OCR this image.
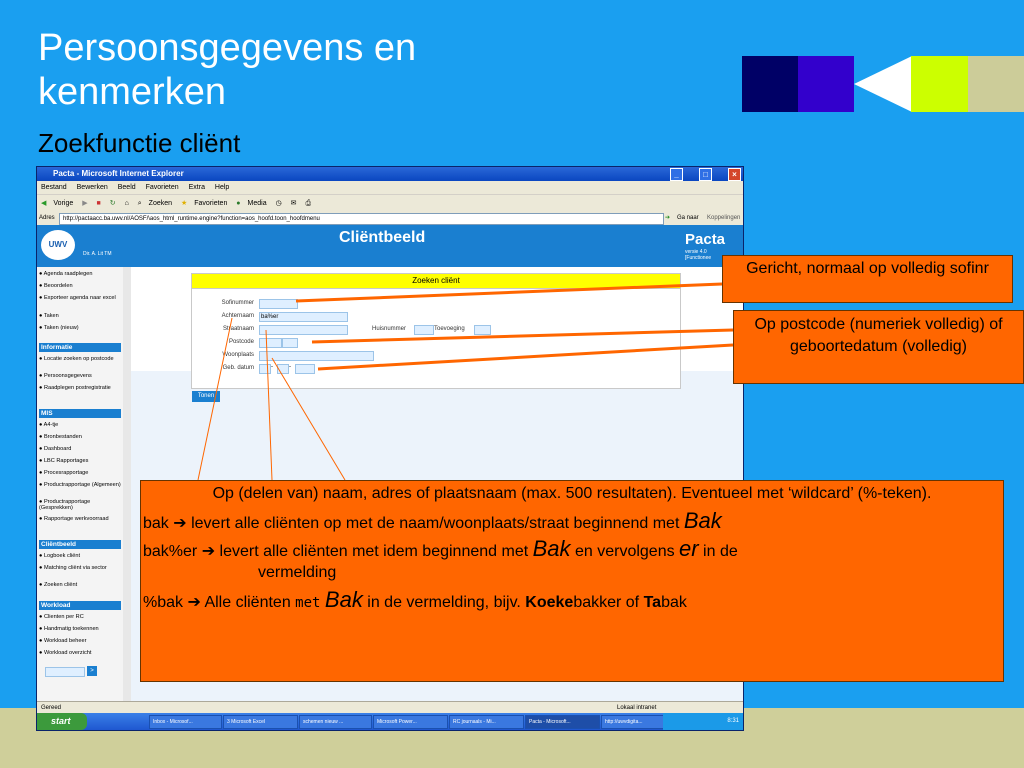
Persoonsgegevens en
kenmerken
Zoekfunctie cliënt
Pacta - Microsoft Internet Explorer	_	□	×
Bestand Bewerken Beeld Favorieten Extra Help
◀ Vorige ▶ ■ ↻ ⌂ ⌕ Zoeken ★ Favorieten ● Media ◷ ✉ ⎙
Adres	http://pactaacc.ba.uwv.nl/AOSF/\aos_html_runtime.engine?function=aos_hoofd.toon_hoofdmenu	➔ Ga naar Koppelingen
UWV
Dir. A. Lit TM
Cliëntbeeld	Pacta
versie 4.0
[Functionee
● Agenda raadplegen
● Beoordelen
● Exporteer agenda naar excel
● Taken
● Taken (nieuw)
Informatie
● Locatie zoeken op postcode
● Persoonsgegevens
● Raadplegen postregistratie
MIS
● A4-tje
● Bronbestanden
● Dashboard
● LBC Rapportages
● Procesrapportage
● Productrapportage (Algemeen)
● Productrapportage (Gesprekken)
● Rapportage werkvoorraad
Cliëntbeeld
● Logboek cliënt
● Matching cliënt via sector
● Zoeken cliënt
Workload
● Clienten per RC
● Handmatig toekennen
● Workload beheer
● Workload overzicht
>
Zoeken cliënt
Sofinummer
Achternaam	ba%er
Straatnaam	Huisnummer	Toevoeging
Postcode
Woonplaats
Geb. datum	-	-
Tonen
Gereed	Lokaal intranet
start	Inbox - Microsof...	3 Microsoft Excel	schemen nieuw ...	Microsoft Power...	RC journaals - Mi...	Pacta - Microsoft...	http://uwvdigita...	8:31
Gericht, normaal op volledig sofinr
Op postcode (numeriek volledig) of geboortedatum (volledig)

Op (delen van) naam, adres of plaatsnaam (max. 500 resultaten). Eventueel met ‘wildcard’ (%-teken).

bak ➔ levert alle cliënten op met de naam/woonplaats/straat beginnend met Bak

bak%er ➔ levert alle cliënten met idem beginnend met Bak en vervolgens er in de

vermelding

%bak ➔ Alle cliënten met Bak in de vermelding, bijv. Koekebakker of Tabak
